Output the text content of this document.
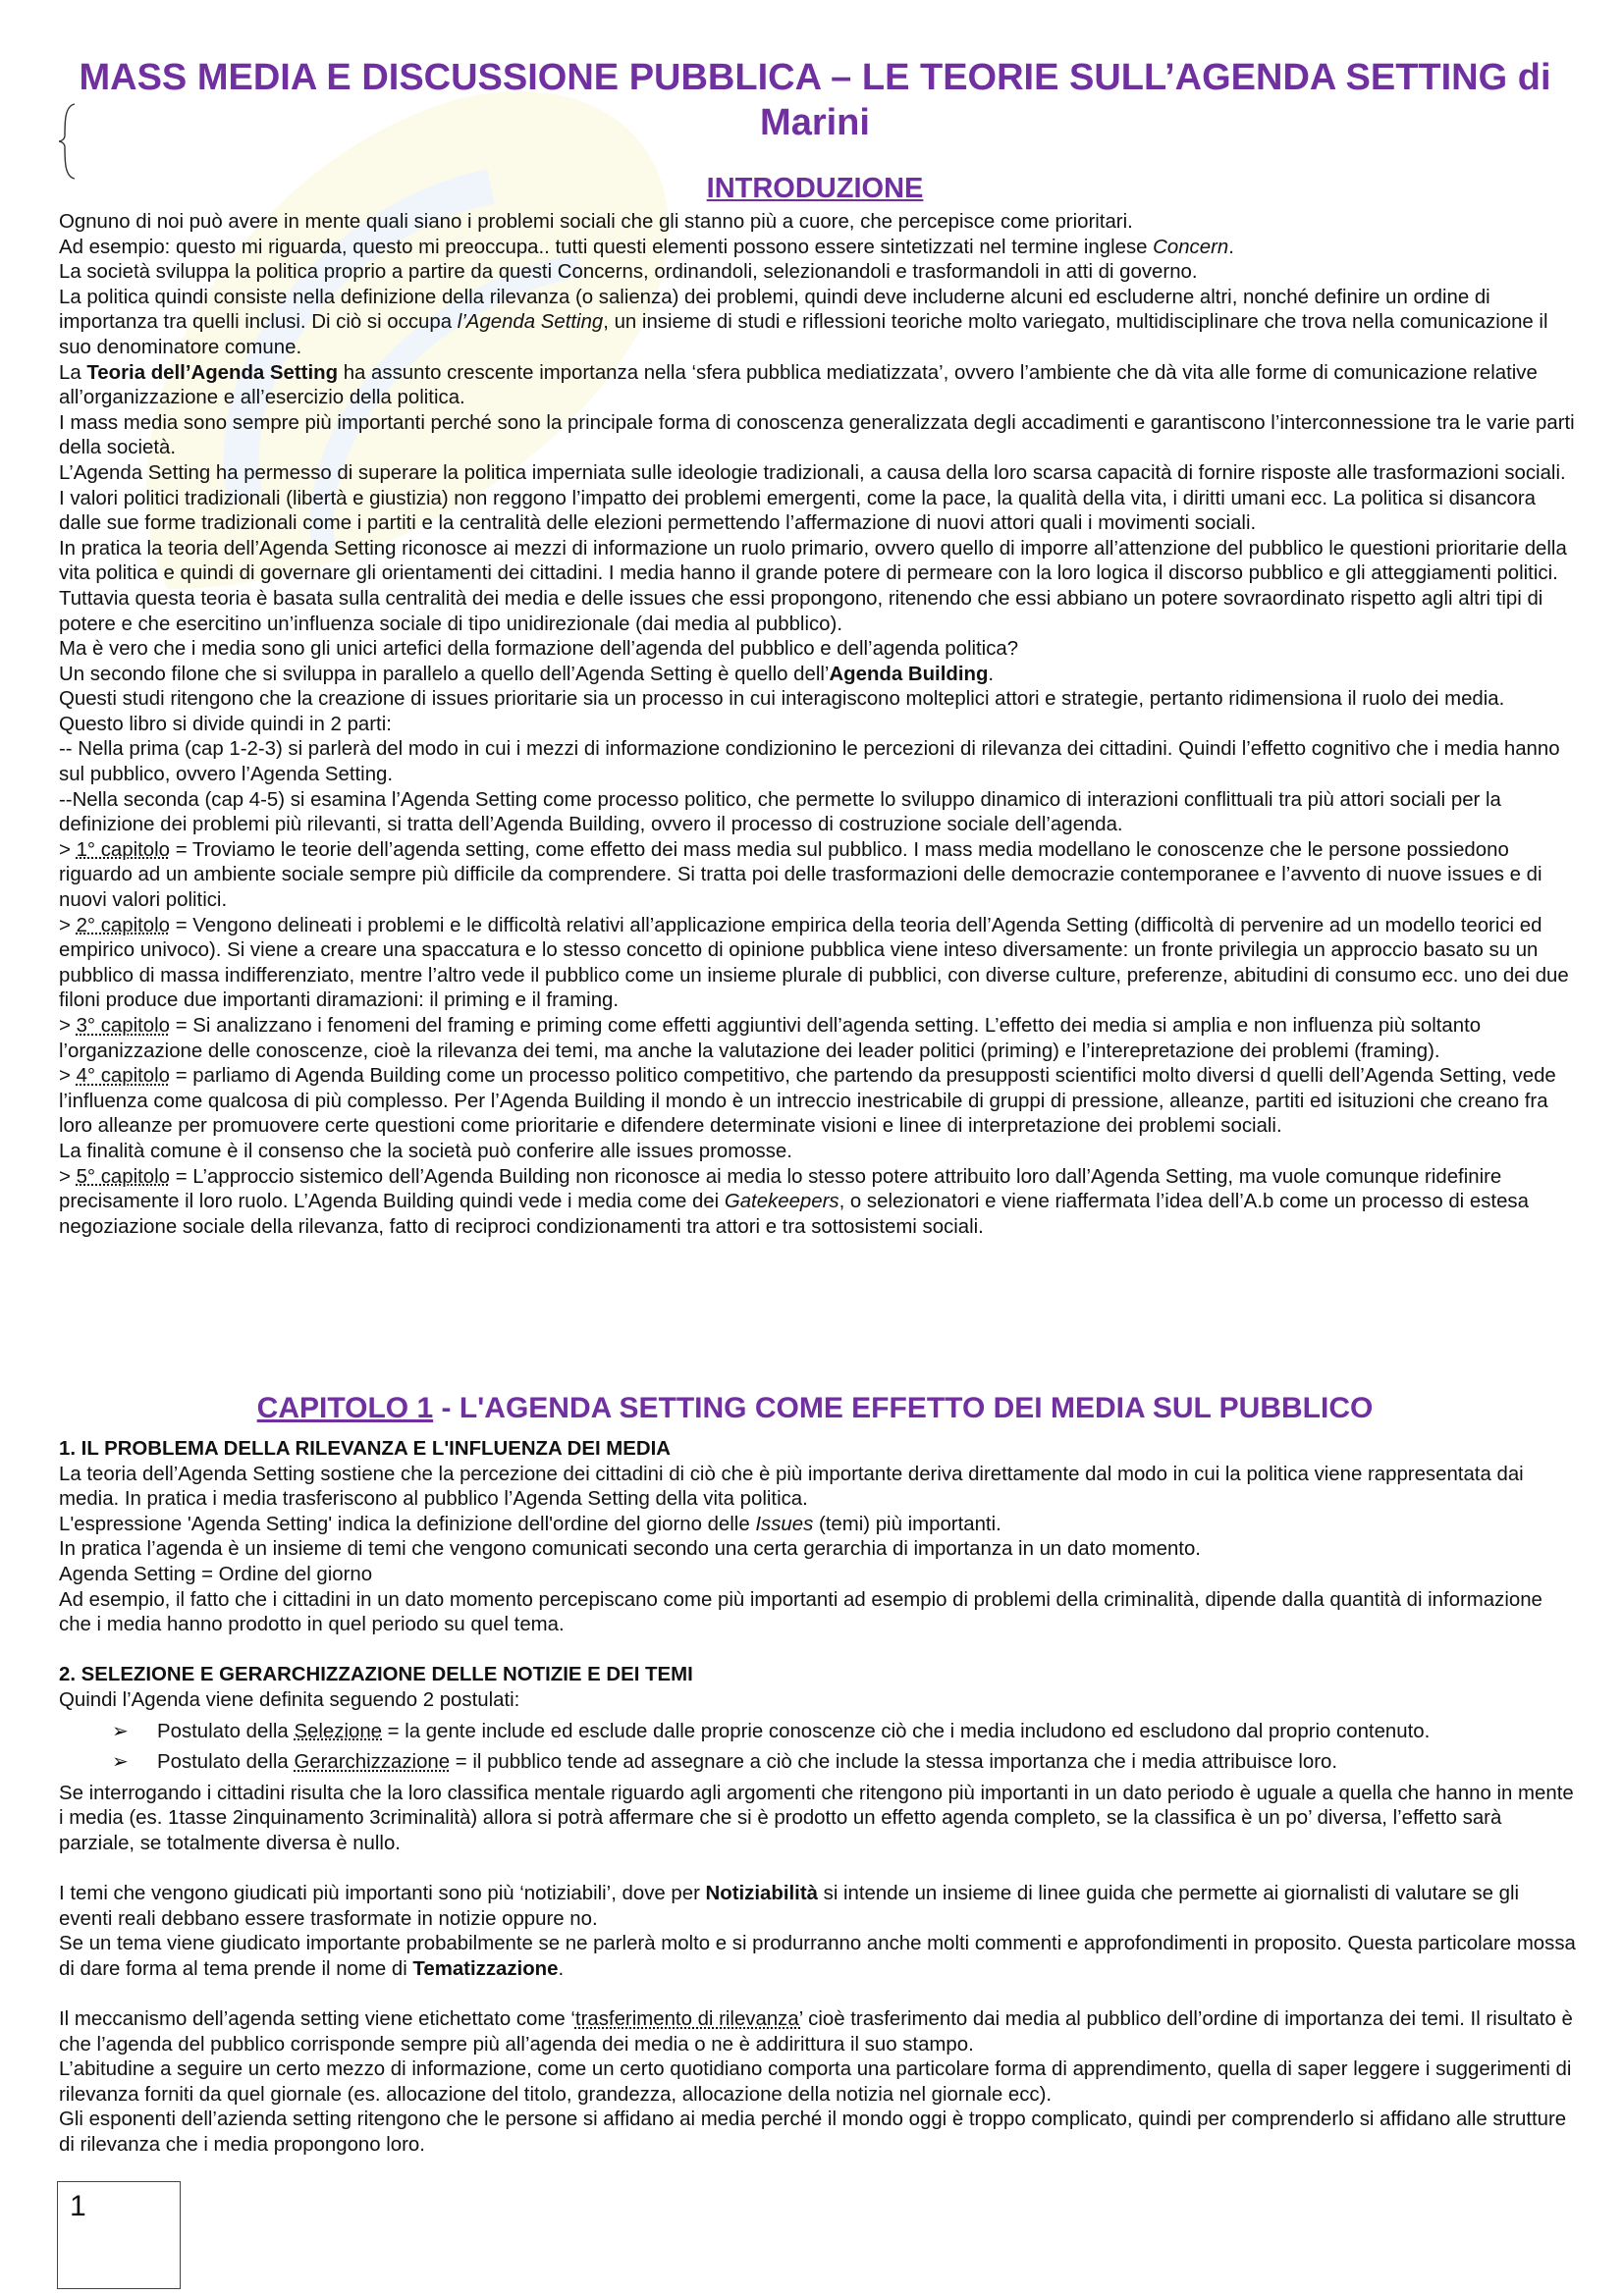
MASS MEDIA E DISCUSSIONE PUBBLICA – LE TEORIE SULL’AGENDA SETTING di Marini
INTRODUZIONE

Ognuno di noi può avere in mente quali siano i problemi sociali che gli stanno più a cuore, che percepisce come prioritari.

Ad esempio: questo mi riguarda, questo mi preoccupa.. tutti questi elementi possono essere sintetizzati nel termine inglese Concern.

La società sviluppa la politica proprio a partire da questi Concerns, ordinandoli, selezionandoli e trasformandoli in atti di governo.

La politica quindi consiste nella definizione della rilevanza (o salienza) dei problemi, quindi deve includerne alcuni ed escluderne altri, nonché definire un ordine di importanza tra quelli inclusi. Di ciò si occupa l’Agenda Setting, un insieme di studi e riflessioni teoriche molto variegato, multidisciplinare che trova nella comunicazione il suo denominatore comune.

La Teoria dell’Agenda Setting ha assunto crescente importanza nella ‘sfera pubblica mediatizzata’, ovvero l’ambiente che dà vita alle forme di comunicazione relative all’organizzazione e all’esercizio della politica.

I mass media sono sempre più importanti perché sono la principale forma di conoscenza generalizzata degli accadimenti e garantiscono l’interconnessione tra le varie parti della società.

L’Agenda Setting ha permesso di superare la politica imperniata sulle ideologie tradizionali, a causa della loro scarsa capacità di fornire risposte alle trasformazioni sociali. I valori politici tradizionali (libertà e giustizia) non reggono l’impatto dei problemi emergenti, come la pace, la qualità della vita, i diritti umani ecc. La politica si disancora dalle sue forme tradizionali come i partiti e la centralità delle elezioni permettendo l’affermazione di nuovi attori quali i movimenti sociali.

In pratica la teoria dell’Agenda Setting riconosce ai mezzi di informazione un ruolo primario, ovvero quello di imporre all’attenzione del pubblico le questioni prioritarie della vita politica e quindi di governare gli orientamenti dei cittadini. I media hanno il grande potere di permeare con la loro logica il discorso pubblico e gli atteggiamenti politici.

Tuttavia questa teoria è basata sulla centralità dei media e delle issues che essi propongono, ritenendo che essi abbiano un potere sovraordinato rispetto agli altri tipi di potere e che esercitino un’influenza sociale di tipo unidirezionale (dai media al pubblico).

Ma è vero che i media sono gli unici artefici della formazione dell’agenda del pubblico e dell’agenda politica?

Un secondo filone che si sviluppa in parallelo a quello dell’Agenda Setting è quello dell’Agenda Building.

Questi studi ritengono che la creazione di issues prioritarie sia un processo in cui interagiscono molteplici attori e strategie, pertanto ridimensiona il ruolo dei media.

Questo libro si divide quindi in 2 parti:

-- Nella prima (cap 1-2-3) si parlerà del modo in cui i mezzi di informazione condizionino le percezioni di rilevanza dei cittadini. Quindi l’effetto cognitivo che i media hanno sul pubblico, ovvero l’Agenda Setting.

--Nella seconda (cap 4-5) si esamina l’Agenda Setting come processo politico, che permette lo sviluppo dinamico di interazioni conflittuali tra più attori sociali per la definizione dei problemi più rilevanti, si tratta dell’Agenda Building, ovvero il processo di costruzione sociale dell’agenda.

> 1° capitolo = Troviamo le teorie dell’agenda setting, come effetto dei mass media sul pubblico. I mass media modellano le conoscenze che le persone possiedono riguardo ad un ambiente sociale sempre più difficile da comprendere. Si tratta poi delle trasformazioni delle democrazie contemporanee e l’avvento di nuove issues e di nuovi valori politici.

> 2° capitolo = Vengono delineati i problemi e le difficoltà relativi all’applicazione empirica della teoria dell’Agenda Setting (difficoltà di pervenire ad un modello teorici ed empirico univoco). Si viene a creare una spaccatura e lo stesso concetto di opinione pubblica viene inteso diversamente: un fronte privilegia un approccio basato su un pubblico di massa indifferenziato, mentre l’altro vede il pubblico come un insieme plurale di pubblici, con diverse culture, preferenze, abitudini di consumo ecc. uno dei due filoni produce due importanti diramazioni: il priming e il framing.

> 3° capitolo = Si analizzano i fenomeni del framing e priming come effetti aggiuntivi dell’agenda setting. L’effetto dei media si amplia e non influenza più soltanto l’organizzazione delle conoscenze, cioè la rilevanza dei temi, ma anche la valutazione dei leader politici (priming) e l’interepretazione dei problemi (framing).

> 4° capitolo = parliamo di Agenda Building come un processo politico competitivo, che partendo da presupposti scientifici molto diversi d quelli dell’Agenda Setting, vede l’influenza come qualcosa di più complesso. Per l’Agenda Building il mondo è un intreccio inestricabile di gruppi di pressione, alleanze, partiti ed isituzioni che creano fra loro alleanze per promuovere certe questioni come prioritarie e difendere determinate visioni e linee di interpretazione dei problemi sociali.

La finalità comune è il consenso che la società può conferire alle issues promosse.

> 5° capitolo = L’approccio sistemico dell’Agenda Building non riconosce ai media lo stesso potere attribuito loro dall’Agenda Setting, ma vuole comunque ridefinire precisamente il loro ruolo. L’Agenda Building quindi vede i media come dei Gatekeepers, o selezionatori e viene riaffermata l’idea dell’A.b come un processo di estesa negoziazione sociale della rilevanza, fatto di reciproci condizionamenti tra attori e tra sottosistemi sociali.

CAPITOLO 1 - L'AGENDA SETTING COME EFFETTO DEI MEDIA SUL PUBBLICO

1. IL PROBLEMA DELLA RILEVANZA E L'INFLUENZA DEI MEDIA

La teoria dell’Agenda Setting sostiene che la percezione dei cittadini di ciò che è più importante deriva direttamente dal modo in cui la politica viene rappresentata dai media. In pratica i media trasferiscono al pubblico l’Agenda Setting della vita politica.

L'espressione 'Agenda Setting' indica la definizione dell'ordine del giorno delle Issues (temi) più importanti.

In pratica l’agenda è un insieme di temi che vengono comunicati secondo una certa gerarchia di importanza in un dato momento.

Agenda Setting = Ordine del giorno

Ad esempio, il fatto che i cittadini in un dato momento percepiscano come più importanti ad esempio di problemi della criminalità, dipende dalla quantità di informazione che i media hanno prodotto in quel periodo su quel tema.

2. SELEZIONE E GERARCHIZZAZIONE DELLE NOTIZIE E DEI TEMI

Quindi l’Agenda viene definita seguendo 2 postulati:

➢ Postulato della Selezione = la gente include ed esclude dalle proprie conoscenze ciò che i media includono ed escludono dal proprio contenuto.

➢ Postulato della Gerarchizzazione = il pubblico tende ad assegnare a ciò che include la stessa importanza che i media attribuisce loro.

Se interrogando i cittadini risulta che la loro classifica mentale riguardo agli argomenti che ritengono più importanti in un dato periodo è uguale a quella che hanno in mente i media (es. 1tasse 2inquinamento 3criminalità) allora si potrà affermare che si è prodotto un effetto agenda completo, se la classifica è un po’ diversa, l’effetto sarà parziale, se totalmente diversa è nullo.

I temi che vengono giudicati più importanti sono più ‘notiziabili’, dove per Notiziabilità si intende un insieme di linee guida che permette ai giornalisti di valutare se gli eventi reali debbano essere trasformate in notizie oppure no.

Se un tema viene giudicato importante probabilmente se ne parlerà molto e si produrranno anche molti commenti e approfondimenti in proposito. Questa particolare mossa di dare forma al tema prende il nome di Tematizzazione.

Il meccanismo dell’agenda setting viene etichettato come ‘trasferimento di rilevanza’ cioè trasferimento dai media al pubblico dell’ordine di importanza dei temi. Il risultato è che l’agenda del pubblico corrisponde sempre più all’agenda dei media o ne è addirittura il suo stampo.

L’abitudine a seguire un certo mezzo di informazione, come un certo quotidiano comporta una particolare forma di apprendimento, quella di saper leggere i suggerimenti di rilevanza forniti da quel giornale (es. allocazione del titolo, grandezza, allocazione della notizia nel giornale ecc).

Gli esponenti dell’azienda setting ritengono che le persone si affidano ai media perché il mondo oggi è troppo complicato, quindi per comprenderlo si affidano alle strutture di rilevanza che i media propongono loro.

1
